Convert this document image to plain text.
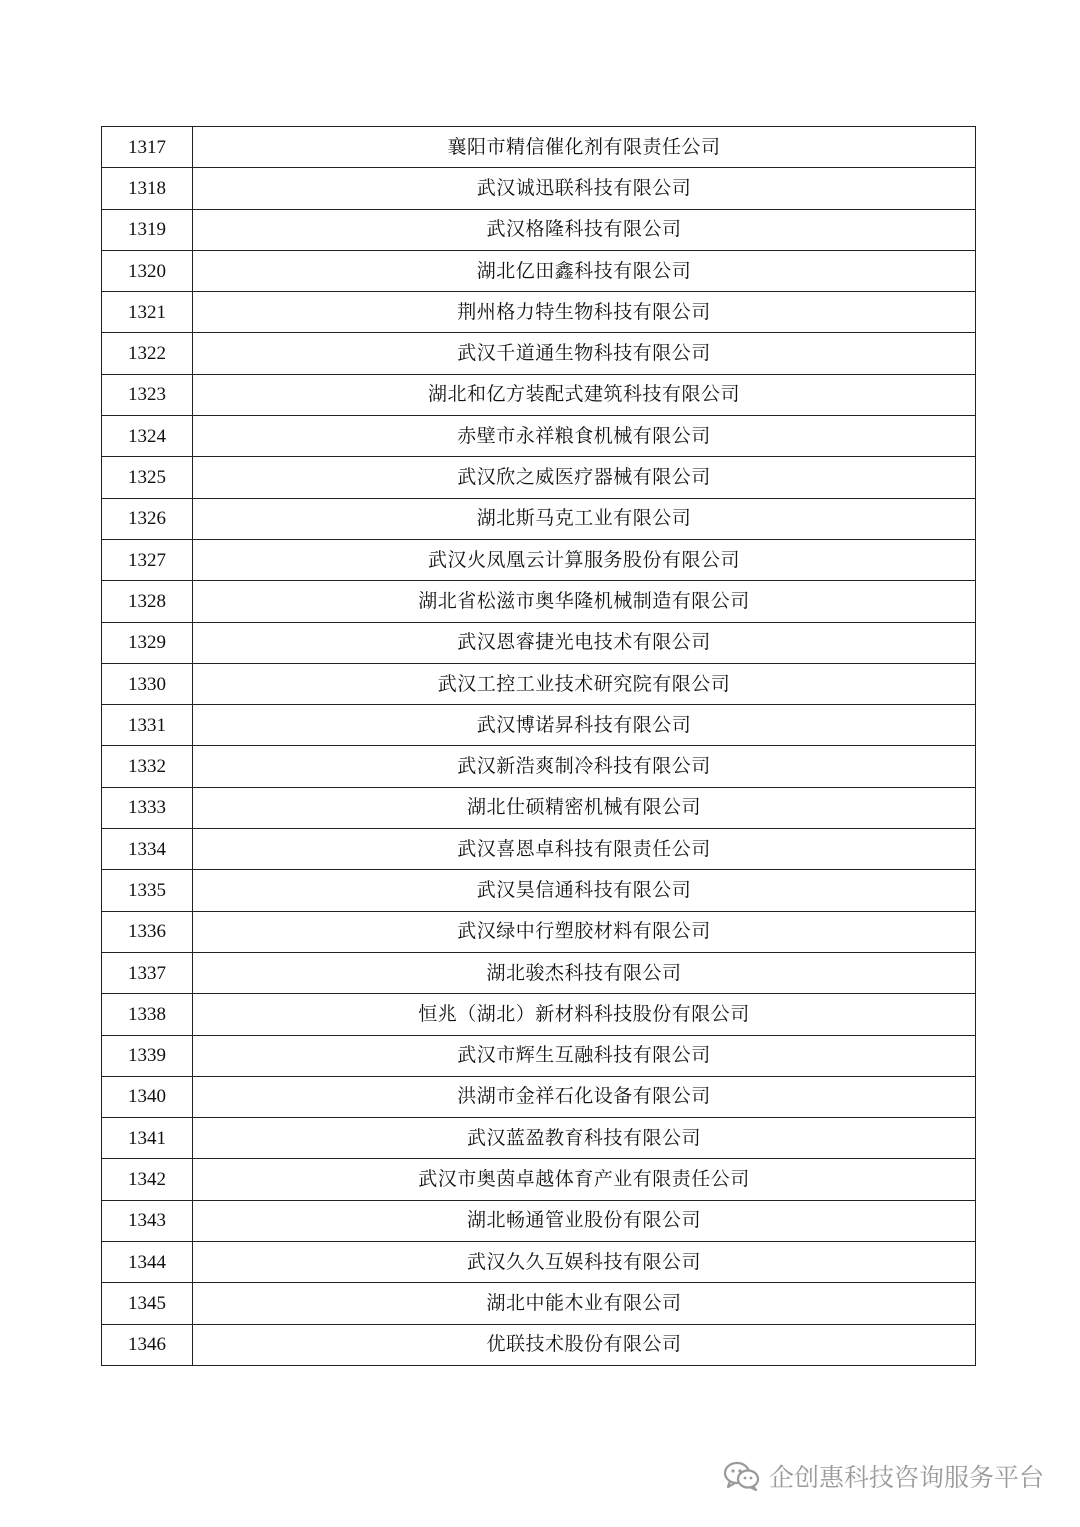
1317	襄阳市精信催化剂有限责任公司
1318	武汉诚迅联科技有限公司
1319	武汉格隆科技有限公司
1320	湖北亿田鑫科技有限公司
1321	荆州格力特生物科技有限公司
1322	武汉千道通生物科技有限公司
1323	湖北和亿方装配式建筑科技有限公司
1324	赤壁市永祥粮食机械有限公司
1325	武汉欣之威医疗器械有限公司
1326	湖北斯马克工业有限公司
1327	武汉火凤凰云计算服务股份有限公司
1328	湖北省松滋市奥华隆机械制造有限公司
1329	武汉恩睿捷光电技术有限公司
1330	武汉工控工业技术研究院有限公司
1331	武汉博诺昇科技有限公司
1332	武汉新浩爽制冷科技有限公司
1333	湖北仕硕精密机械有限公司
1334	武汉喜恩卓科技有限责任公司
1335	武汉昊信通科技有限公司
1336	武汉绿中行塑胶材料有限公司
1337	湖北骏杰科技有限公司
1338	恒兆（湖北）新材料科技股份有限公司
1339	武汉市辉生互融科技有限公司
1340	洪湖市金祥石化设备有限公司
1341	武汉蓝盈教育科技有限公司
1342	武汉市奥茵卓越体育产业有限责任公司
1343	湖北畅通管业股份有限公司
1344	武汉久久互娱科技有限公司
1345	湖北中能木业有限公司
1346	优联技术股份有限公司
企创惠科技咨询服务平台
